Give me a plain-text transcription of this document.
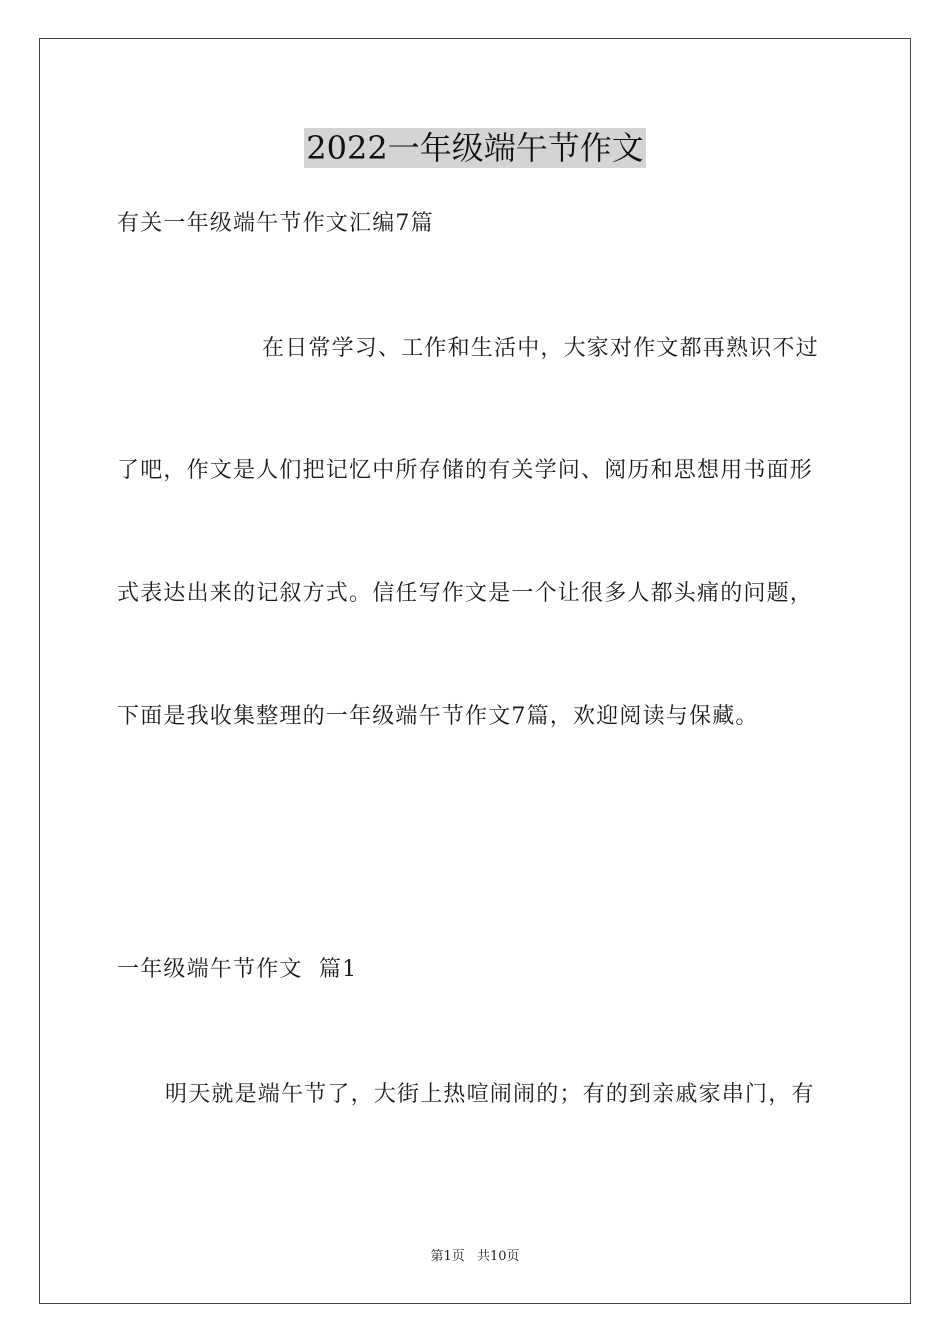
2022一年级端午节作文
有关一年级端午节作文汇编7篇
在日常学习、工作和生活中，大家对作文都再熟识不过
了吧，作文是人们把记忆中所存储的有关学问、阅历和思想用书面形
式表达出来的记叙方式。信任写作文是一个让很多人都头痛的问题，
下面是我收集整理的一年级端午节作文7篇，欢迎阅读与保藏。
一年级端午节作文  篇1
明天就是端午节了，大街上热喧闹闹的；有的到亲戚家串门，有
第1页 共10页
